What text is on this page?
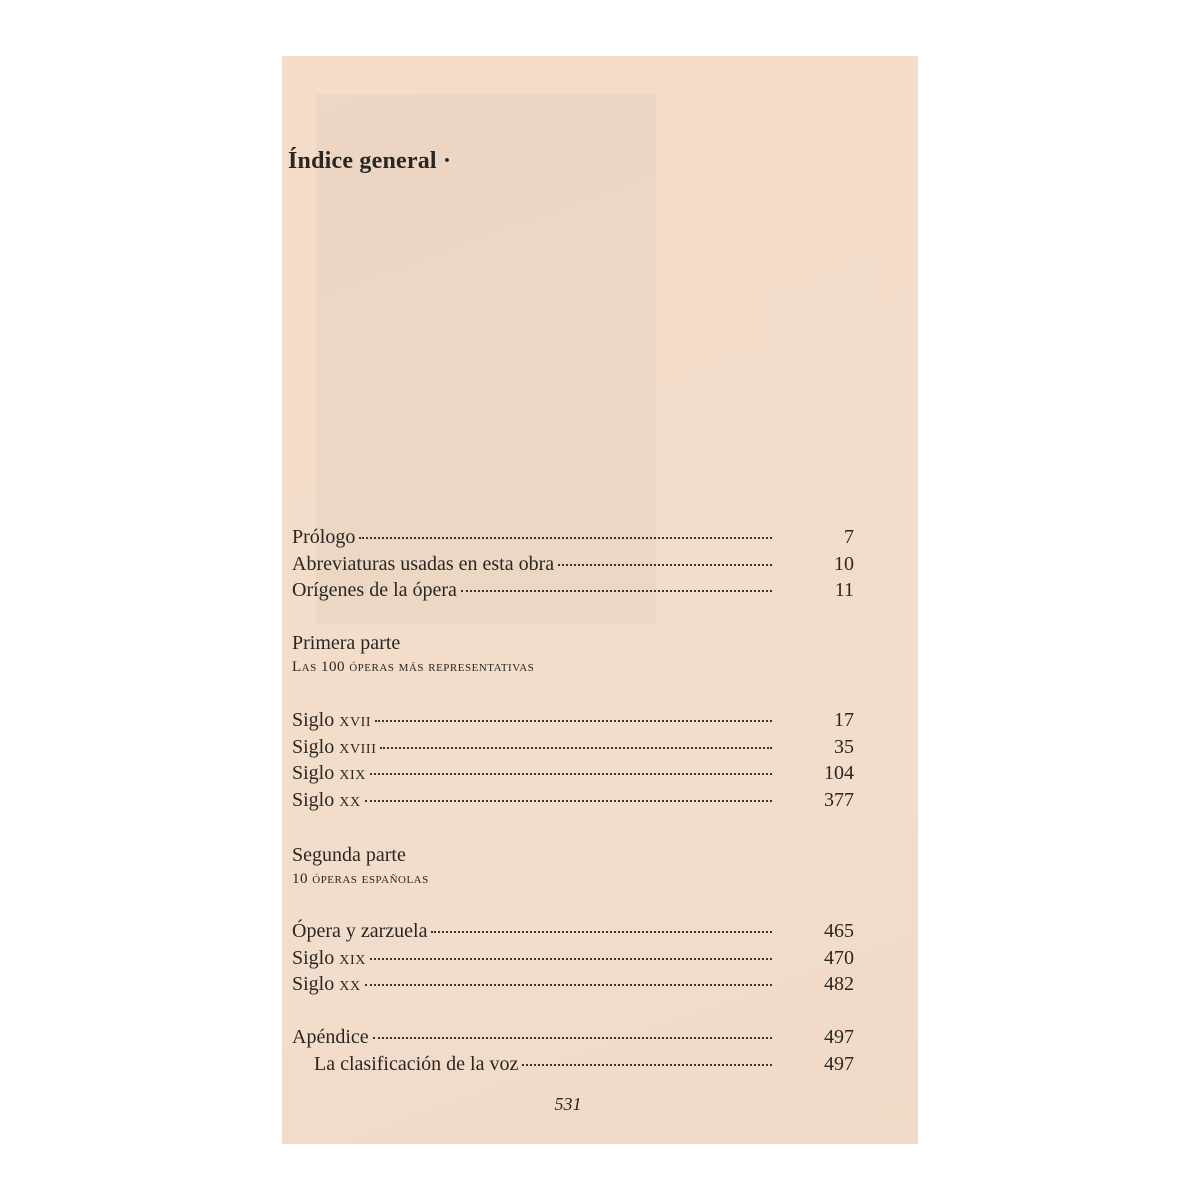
Índice general ·
Prólogo	7
Abreviaturas usadas en esta obra	10
Orígenes de la ópera	11
Primera parte
Las 100 óperas más representativas
Siglo XVII	17
Siglo XVIII	35
Siglo XIX	104
Siglo XX	377
Segunda parte
10 óperas españolas
Ópera y zarzuela	465
Siglo XIX	470
Siglo XX	482
Apéndice	497
La clasificación de la voz	497
531
